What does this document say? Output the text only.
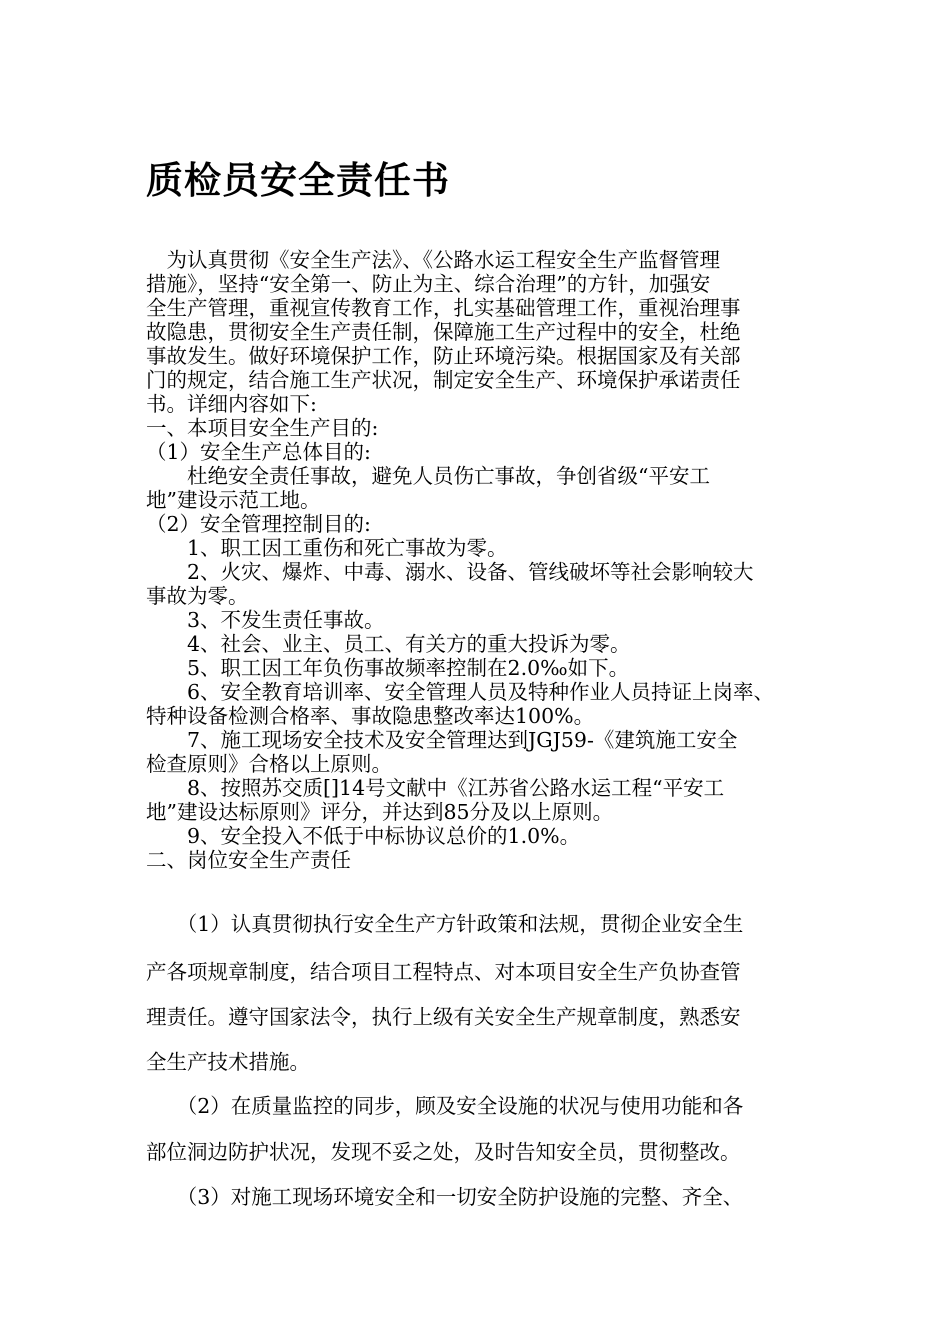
质检员安全责任书
　为认真贯彻《安全生产法》、《公路水运工程安全生产监督管理
措施》，坚持“安全第一、防止为主、综合治理”的方针，加强安
全生产管理，重视宣传教育工作，扎实基础管理工作，重视治理事
故隐患，贯彻安全生产责任制，保障施工生产过程中的安全，杜绝
事故发生。做好环境保护工作，防止环境污染。根据国家及有关部
门的规定，结合施工生产状况，制定安全生产、环境保护承诺责任
书。详细内容如下:
一、本项目安全生产目的:
（1）安全生产总体目的:
　　杜绝安全责任事故，避免人员伤亡事故，争创省级“平安工
地”建设示范工地。
（2）安全管理控制目的:
　　1、职工因工重伤和死亡事故为零。
　　2、火灾、爆炸、中毒、溺水、设备、管线破坏等社会影响较大
事故为零。
　　3、不发生责任事故。
　　4、社会、业主、员工、有关方的重大投诉为零。
　　5、职工因工年负伤事故频率控制在2.0‰如下。
　　6、安全教育培训率、安全管理人员及特种作业人员持证上岗率、
特种设备检测合格率、事故隐患整改率达100%。
　　7、施工现场安全技术及安全管理达到JGJ59-《建筑施工安全
检查原则》合格以上原则。
　　8、按照苏交质[]14号文献中《江苏省公路水运工程“平安工
地”建设达标原则》评分，并达到85分及以上原则。
　　9、安全投入不低于中标协议总价的1.0%。
二、岗位安全生产责任
　　（1）认真贯彻执行安全生产方针政策和法规，贯彻企业安全生
产各项规章制度，结合项目工程特点、对本项目安全生产负协查管
理责任。遵守国家法令，执行上级有关安全生产规章制度，熟悉安
全生产技术措施。
　　（2）在质量监控的同步，顾及安全设施的状况与使用功能和各
部位洞边防护状况，发现不妥之处，及时告知安全员，贯彻整改。
　　（3）对施工现场环境安全和一切安全防护设施的完整、齐全、
